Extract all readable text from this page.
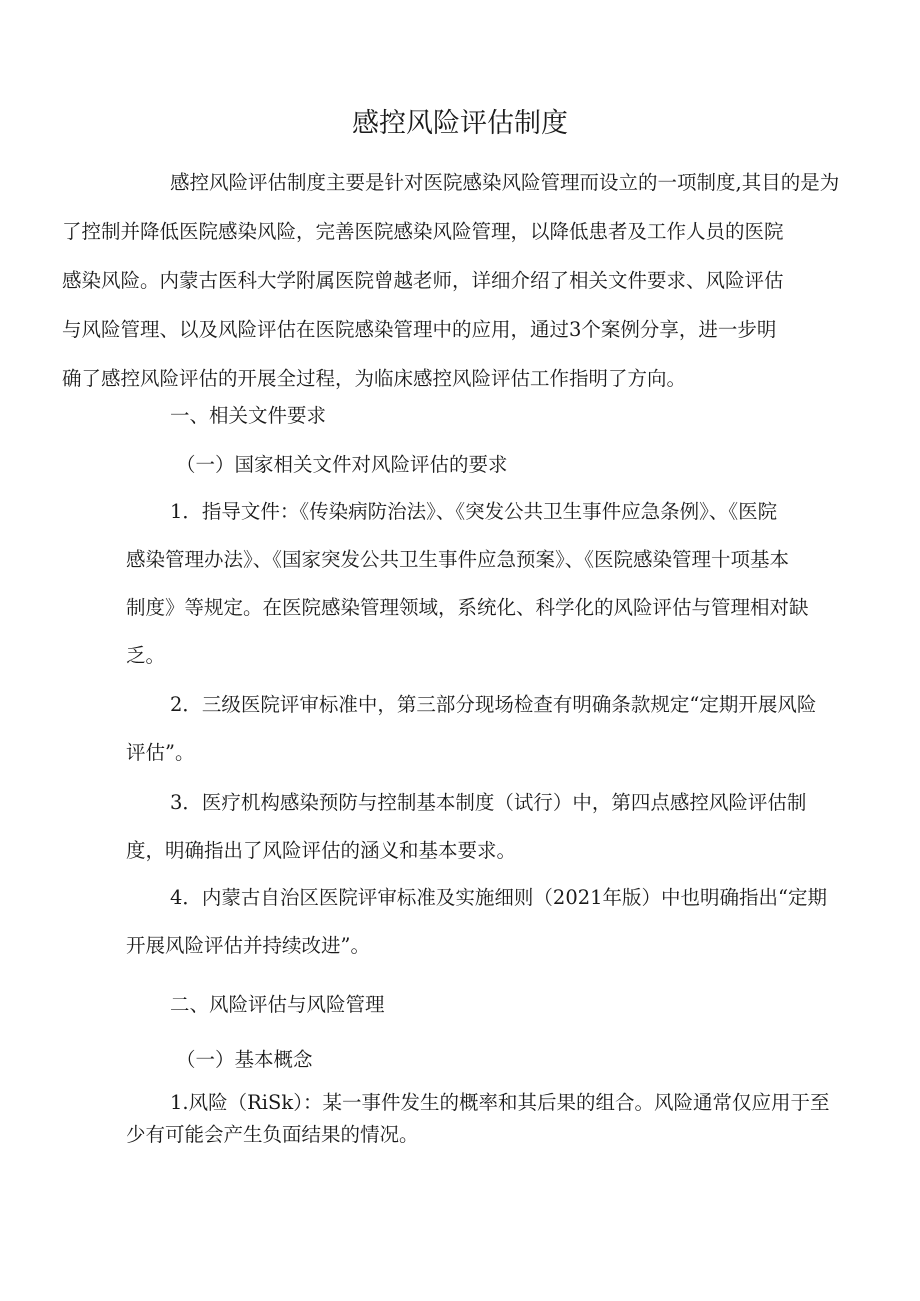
感控风险评估制度

感控风险评估制度主要是针对医院感染风险管理而设立的一项制度,其目的是为
了控制并降低医院感染风险，完善医院感染风险管理，以降低患者及工作人员的医院
感染风险。内蒙古医科大学附属医院曾越老师，详细介绍了相关文件要求、风险评估
与风险管理、以及风险评估在医院感染管理中的应用，通过3个案例分享，进一步明
确了感控风险评估的开展全过程，为临床感控风险评估工作指明了方向。

一、相关文件要求
（一）国家相关文件对风险评估的要求

1．指导文件：《传染病防治法》、《突发公共卫生事件应急条例》、《医院
感染管理办法》、《国家突发公共卫生事件应急预案》、《医院感染管理十项基本
制度》等规定。在医院感染管理领域，系统化、科学化的风险评估与管理相对缺
乏。

2．三级医院评审标准中，第三部分现场检查有明确条款规定“定期开展风险
评估”。

3．医疗机构感染预防与控制基本制度（试行）中，第四点感控风险评估制
度，明确指出了风险评估的涵义和基本要求。

4．内蒙古自治区医院评审标准及实施细则（2021年版）中也明确指出“定期
开展风险评估并持续改进”。

二、风险评估与风险管理
（一）基本概念

1.风险（RiSk）：某一事件发生的概率和其后果的组合。风险通常仅应用于至
少有可能会产生负面结果的情况。
